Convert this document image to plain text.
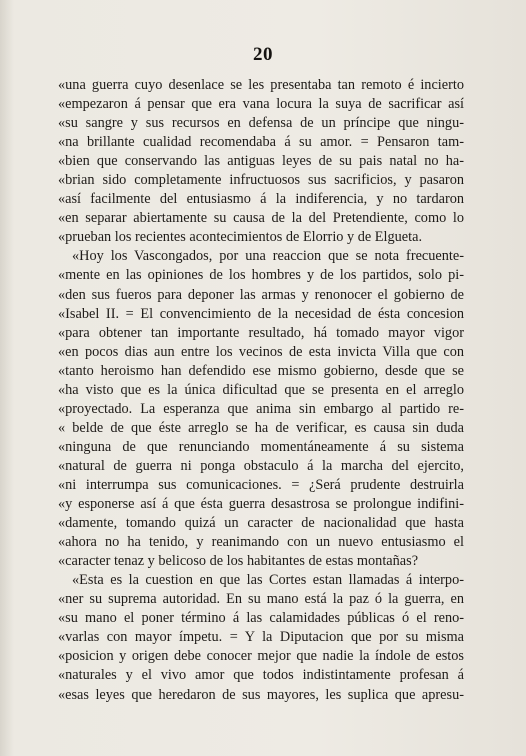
20
«una guerra cuyo desenlace se les presentaba tan remoto é incierto
«empezaron á pensar que era vana locura la suya de sacrificar así
«su sangre y sus recursos en defensa de un príncipe que ningu-
«na brillante cualidad recomendaba á su amor. = Pensaron tam-
«bien que conservando las antiguas leyes de su pais natal no ha-
«brian sido completamente infructuosos sus sacrificios, y pasaron
«así facilmente del entusiasmo á la indiferencia, y no tardaron
«en separar abiertamente su causa de la del Pretendiente, como lo
«prueban los recientes acontecimientos de Elorrio y de Elgueta.
«Hoy los Vascongados, por una reaccion que se nota frecuente-
«mente en las opiniones de los hombres y de los partidos, solo pi-
«den sus fueros para deponer las armas y renonocer el gobierno de
«Isabel II. = El convencimiento de la necesidad de ésta concesion
«para obtener tan importante resultado, há tomado mayor vigor
«en pocos dias aun entre los vecinos de esta invicta Villa que con
«tanto heroismo han defendido ese mismo gobierno, desde que se
«ha visto que es la única dificultad que se presenta en el arreglo
«proyectado. La esperanza que anima sin embargo al partido re-
« belde de que éste arreglo se ha de verificar, es causa sin duda
«ninguna de que renunciando momentáneamente á su sistema
«natural de guerra ni ponga obstaculo á la marcha del ejercito,
«ni interrumpa sus comunicaciones. = ¿Será prudente destruirla
«y esponerse así á que ésta guerra desastrosa se prolongue indifini-
«damente, tomando quizá un caracter de nacionalidad que hasta
«ahora no ha tenido, y reanimando con un nuevo entusiasmo el
«caracter tenaz y belicoso de los habitantes de estas montañas?
«Esta es la cuestion en que las Cortes estan llamadas á interpo-
«ner su suprema autoridad. En su mano está la paz ó la guerra, en
«su mano el poner término á las calamidades públicas ó el reno-
«varlas con mayor ímpetu. = Y la Diputacion que por su misma
«posicion y origen debe conocer mejor que nadie la índole de estos
«naturales y el vivo amor que todos indistintamente profesan á
«esas leyes que heredaron de sus mayores, les suplica que apresu-
